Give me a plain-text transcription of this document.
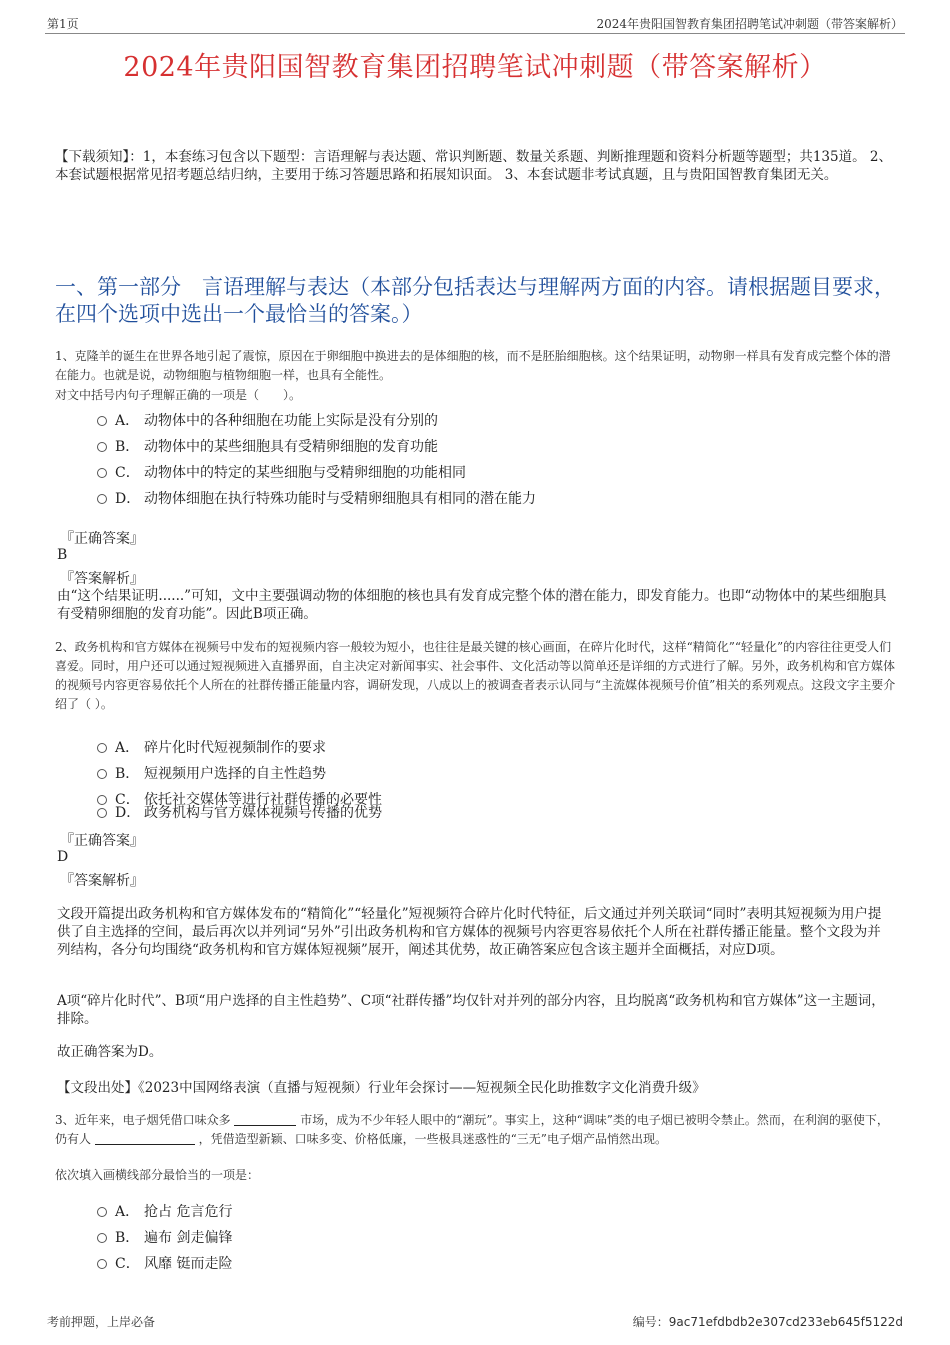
第1页	2024年贵阳国智教育集团招聘笔试冲刺题（带答案解析）
2024年贵阳国智教育集团招聘笔试冲刺题（带答案解析）
【下载须知】：1，本套练习包含以下题型：言语理解与表达题、常识判断题、数量关系题、判断推理题和资料分析题等题型；共135道。 2、本套试题根据常见招考题总结归纳，主要用于练习答题思路和拓展知识面。 3、本套试题非考试真题，且与贵阳国智教育集团无关。
一、第一部分　言语理解与表达（本部分包括表达与理解两方面的内容。请根据题目要求，在四个选项中选出一个最恰当的答案。）
1、克隆羊的诞生在世界各地引起了震惊，原因在于卵细胞中换进去的是体细胞的核，而不是胚胎细胞核。这个结果证明，动物卵一样具有发育成完整个体的潜在能力。也就是说，动物细胞与植物细胞一样，也具有全能性。
对文中括号内句子理解正确的一项是（　　）。
A． 动物体中的各种细胞在功能上实际是没有分别的
B． 动物体中的某些细胞具有受精卵细胞的发育功能
C． 动物体中的特定的某些细胞与受精卵细胞的功能相同
D． 动物体细胞在执行特殊功能时与受精卵细胞具有相同的潜在能力
『正确答案』
B
『答案解析』
由“这个结果证明......”可知，文中主要强调动物的体细胞的核也具有发育成完整个体的潜在能力，即发育能力。也即“动物体中的某些细胞具有受精卵细胞的发育功能”。因此B项正确。
2、政务机构和官方媒体在视频号中发布的短视频内容一般较为短小，也往往是最关键的核心画面，在碎片化时代，这样“精简化”“轻量化”的内容往往更受人们喜爱。同时，用户还可以通过短视频进入直播界面，自主决定对新闻事实、社会事件、文化活动等以简单还是详细的方式进行了解。另外，政务机构和官方媒体的视频号内容更容易依托个人所在的社群传播正能量内容，调研发现，八成以上的被调查者表示认同与“主流媒体视频号价值”相关的系列观点。这段文字主要介绍了（ ）。
A． 碎片化时代短视频制作的要求
B． 短视频用户选择的自主性趋势
C． 依托社交媒体等进行社群传播的必要性
D． 政务机构与官方媒体视频号传播的优势
『正确答案』
D
『答案解析』
文段开篇提出政务机构和官方媒体发布的“精简化”“轻量化”短视频符合碎片化时代特征，后文通过并列关联词“同时”表明其短视频为用户提供了自主选择的空间，最后再次以并列词“另外”引出政务机构和官方媒体的视频号内容更容易依托个人所在社群传播正能量。整个文段为并列结构，各分句均围绕“政务机构和官方媒体短视频”展开，阐述其优势，故正确答案应包含该主题并全面概括，对应D项。
A项“碎片化时代”、B项“用户选择的自主性趋势”、C项“社群传播”均仅针对并列的部分内容，且均脱离“政务机构和官方媒体”这一主题词，排除。
故正确答案为D。
【文段出处】《2023中国网络表演（直播与短视频）行业年会探讨——短视频全民化助推数字文化消费升级》
3、近年来，电子烟凭借口味众多	市场，成为不少年轻人眼中的“潮玩”。事实上，这种“调味”类的电子烟已被明令禁止。然而，在利润的驱使下，仍有人	，凭借造型新颖、口味多变、价格低廉，一些极具迷惑性的“三无”电子烟产品悄然出现。
依次填入画横线部分最恰当的一项是：
A． 抢占 危言危行
B． 遍布 剑走偏锋
C． 风靡 铤而走险
考前押题，上岸必备	编号：9ac71efdbdb2e307cd233eb645f5122d
